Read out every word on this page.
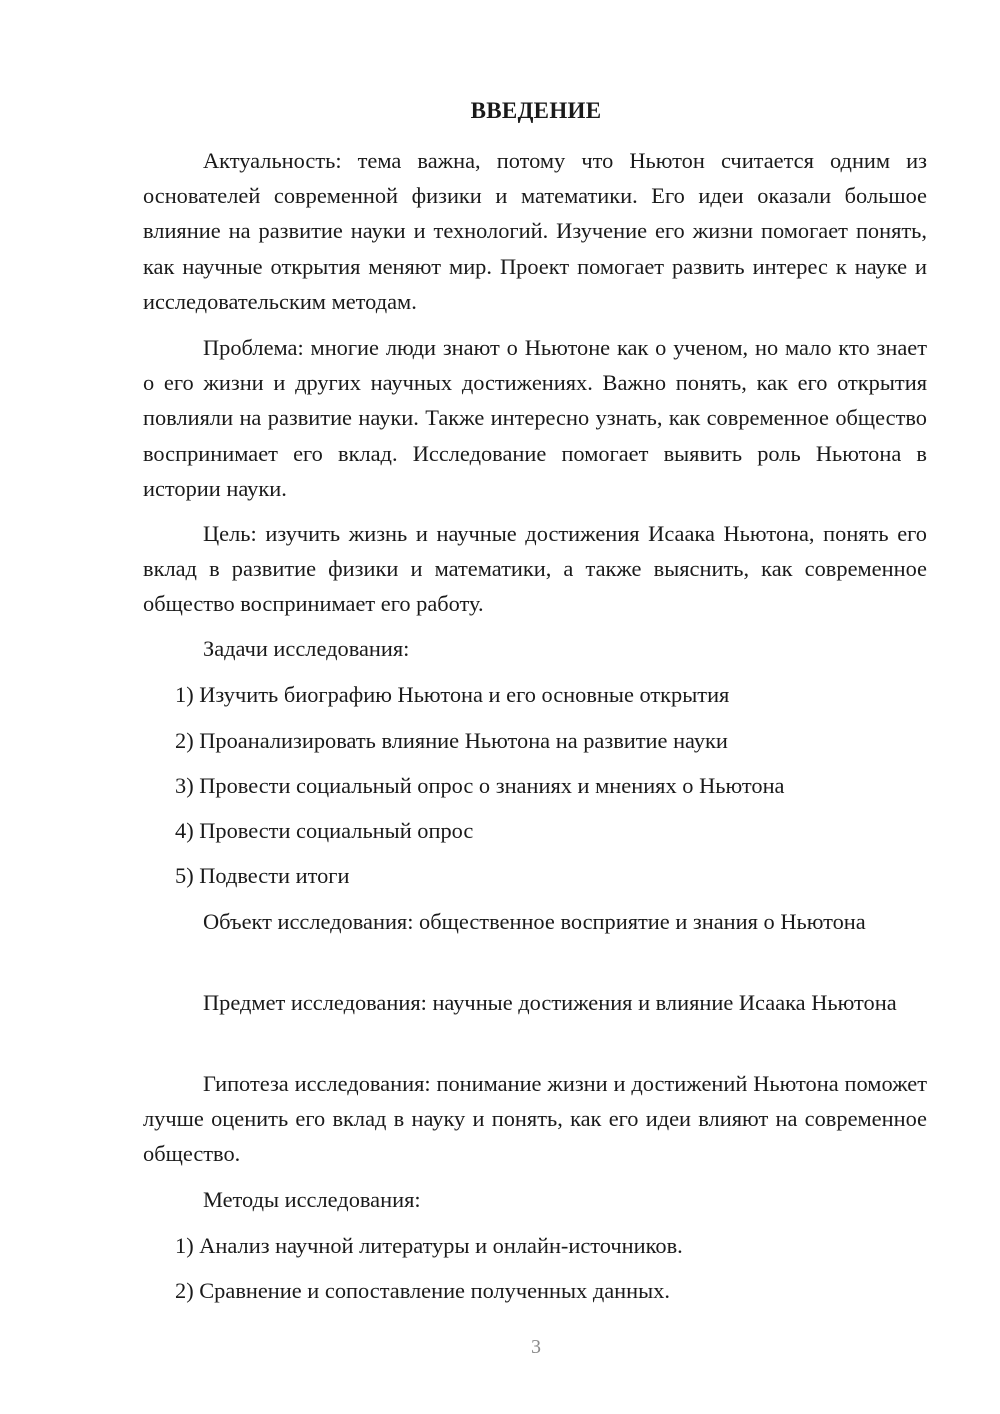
ВВЕДЕНИЕ

Актуальность: тема важна, потому что Ньютон считается одним из основателей современной физики и математики. Его идеи оказали большое влияние на развитие науки и технологий. Изучение его жизни помогает понять, как научные открытия меняют мир. Проект помогает развить интерес к науке и исследовательским методам.

Проблема: многие люди знают о Ньютоне как о ученом, но мало кто знает о его жизни и других научных достижениях. Важно понять, как его открытия повлияли на развитие науки. Также интересно узнать, как современное общество воспринимает его вклад. Исследование помогает выявить роль Ньютона в истории науки.

Цель: изучить жизнь и научные достижения Исаака Ньютона, понять его вклад в развитие физики и математики, а также выяснить, как современное общество воспринимает его работу.

Задачи исследования:

1) Изучить биографию Ньютона и его основные открытия

2) Проанализировать влияние Ньютона на развитие науки

3) Провести социальный опрос о знаниях и мнениях о Ньютона

4) Провести социальный опрос

5) Подвести итоги

Объект исследования: общественное восприятие и знания о Ньютона

Предмет исследования: научные достижения и влияние Исаака Ньютона

Гипотеза исследования: понимание жизни и достижений Ньютона поможет лучше оценить его вклад в науку и понять, как его идеи влияют на современное общество.

Методы исследования:

1) Анализ научной литературы и онлайн-источников.

2) Сравнение и сопоставление полученных данных.

3
